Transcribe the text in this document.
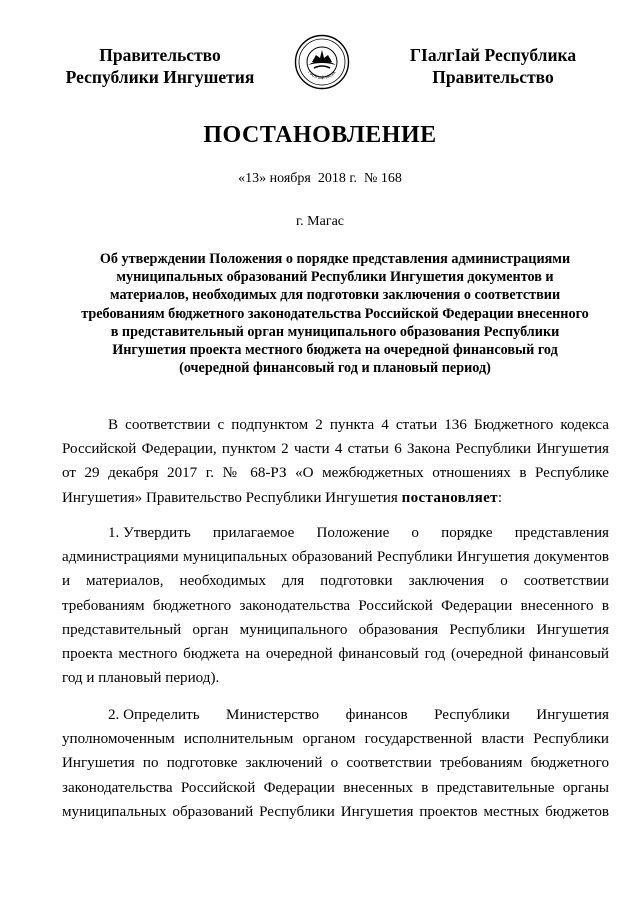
Правительство
Республики Ингушетия	ГIАЛГIАЙ МОХК
ГIалгIай Республика
Правительство
ПОСТАНОВЛЕНИЕ
«13» ноября  2018 г.  № 168
г. Магас
Об утверждении Положения о порядке представления администрациями
муниципальных образований Республики Ингушетия документов и
материалов, необходимых для подготовки заключения о соответствии
требованиям бюджетного законодательства Российской Федерации внесенного
в представительный орган муниципального образования Республики
Ингушетия проекта местного бюджета на очередной финансовый год
(очередной финансовый год и плановый период)
В соответствии с подпунктом 2 пункта 4 статьи 136 Бюджетного кодекса
Российской Федерации, пунктом 2 части 4 статьи 6 Закона Республики Ингушетия
от 29 декабря 2017 г. № 68-РЗ «О межбюджетных отношениях в Республике
Ингушетия» Правительство Республики Ингушетия постановляет:
1. Утвердить прилагаемое Положение о порядке представления
администрациями муниципальных образований Республики Ингушетия документов
и материалов, необходимых для подготовки заключения о соответствии
требованиям бюджетного законодательства Российской Федерации внесенного в
представительный орган муниципального образования Республики Ингушетия
проекта местного бюджета на очередной финансовый год (очередной финансовый
год и плановый период).
2. Определить Министерство финансов Республики Ингушетия
уполномоченным исполнительным органом государственной власти Республики
Ингушетия по подготовке заключений о соответствии требованиям бюджетного
законодательства Российской Федерации внесенных в представительные органы
муниципальных образований Республики Ингушетия проектов местных бюджетов
